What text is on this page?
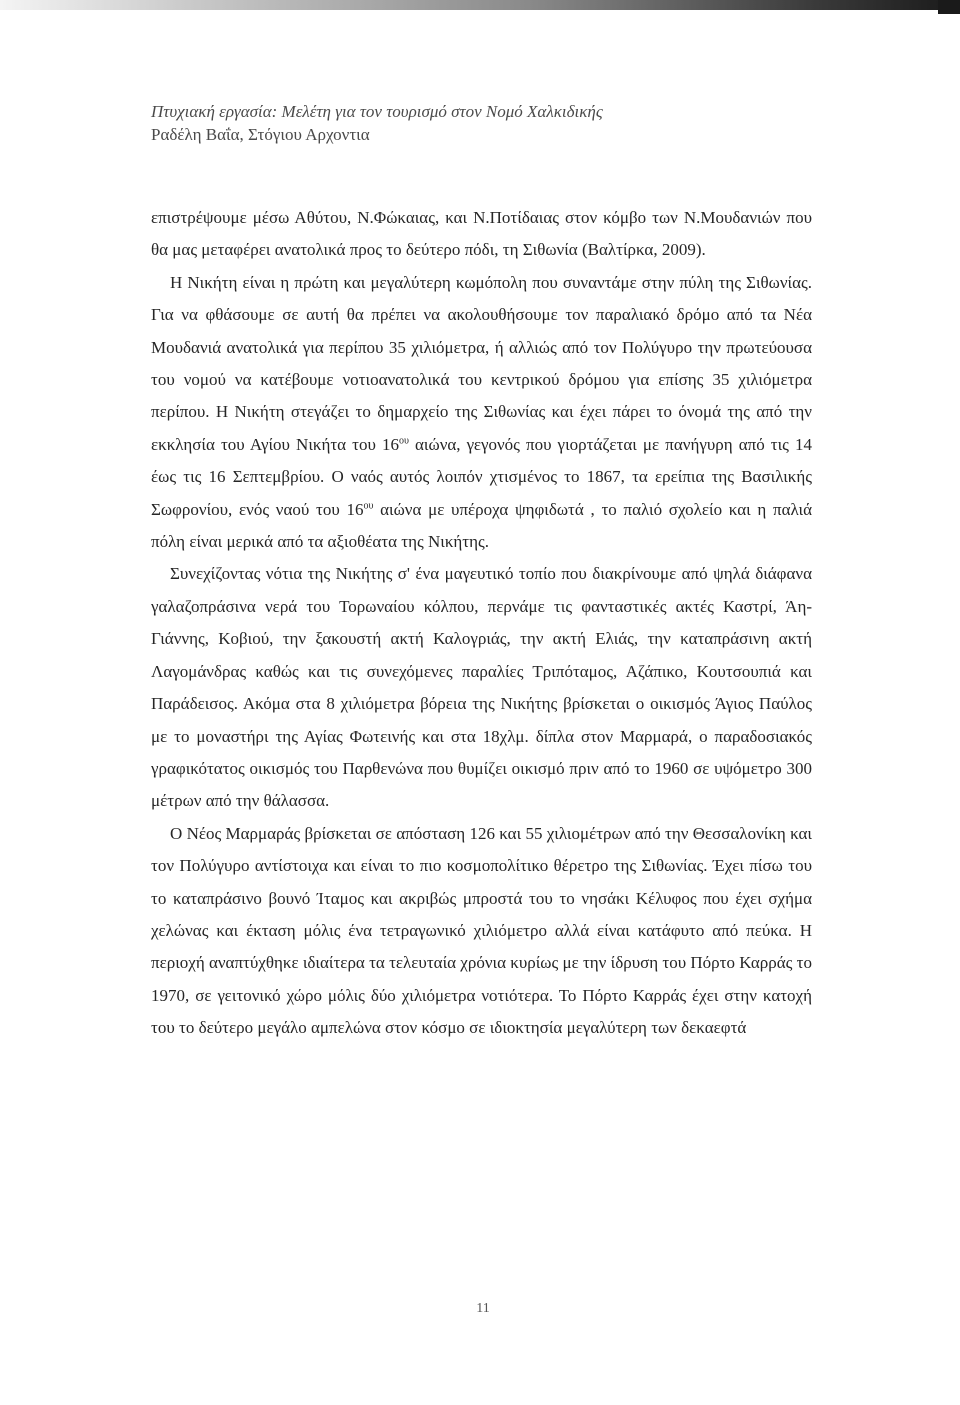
Πτυχιακή εργασία: Μελέτη για τον τουρισμό στον Νομό Χαλκιδικής
Ραδέλη Βαΐα, Στόγιου Αρχοντια

επιστρέψουμε μέσω Αθύτου, Ν.Φώκαιας, και Ν.Ποτίδαιας στον κόμβο των Ν.Μουδανιών που θα μας μεταφέρει ανατολικά προς το δεύτερο πόδι, τη Σιθωνία (Βαλτίρκα, 2009).

Η Νικήτη είναι η πρώτη και μεγαλύτερη κωμόπολη που συναντάμε στην πύλη της Σιθωνίας. Για να φθάσουμε σε αυτή θα πρέπει να ακολουθήσουμε τον παραλιακό δρόμο από τα Νέα Μουδανιά ανατολικά για περίπου 35 χιλιόμετρα, ή αλλιώς από τον Πολύγυρο την πρωτεύουσα του νομού να κατέβουμε νοτιοανατολικά του κεντρικού δρόμου για επίσης 35 χιλιόμετρα περίπου. Η Νικήτη στεγάζει το δημαρχείο της Σιθωνίας και έχει πάρει το όνομά της από την εκκλησία του Αγίου Νικήτα του $16^{o\upsilon}$ αιώνα, γεγονός που γιορτάζεται με πανήγυρη από τις 14 έως τις 16 Σεπτεμβρίου. Ο ναός αυτός λοιπόν χτισμένος το 1867, τα ερείπια της Βασιλικής Σωφρονίου, ενός ναού του $16^{o\upsilon}$ αιώνα με υπέροχα ψηφιδωτά , το παλιό σχολείο και η παλιά πόλη είναι μερικά από τα αξιοθέατα της Νικήτης.

Συνεχίζοντας νότια της Νικήτης σ' ένα μαγευτικό τοπίο που διακρίνουμε από ψηλά διάφανα γαλαζοπράσινα νερά του Τορωναίου κόλπου, περνάμε τις φανταστικές ακτές Καστρί, Άη-Γιάννης, Κοβιού, την ξακουστή ακτή Καλογριάς, την ακτή Ελιάς, την καταπράσινη ακτή Λαγομάνδρας καθώς και τις συνεχόμενες παραλίες Τριπόταμος, Αζάπικο, Κουτσουπιά και Παράδεισος. Ακόμα στα 8 χιλιόμετρα βόρεια της Νικήτης βρίσκεται ο οικισμός Άγιος Παύλος με το μοναστήρι της Αγίας Φωτεινής και στα 18χλμ. δίπλα στον Μαρμαρά, ο παραδοσιακός γραφικότατος οικισμός του Παρθενώνα που θυμίζει οικισμό πριν από το 1960 σε υψόμετρο 300 μέτρων από την θάλασσα.

Ο Νέος Μαρμαράς βρίσκεται σε απόσταση 126 και 55 χιλιομέτρων από την Θεσσαλονίκη και τον Πολύγυρο αντίστοιχα και είναι το πιο κοσμοπολίτικο θέρετρο της Σιθωνίας. Έχει πίσω του το καταπράσινο βουνό Ίταμος και ακριβώς μπροστά του το νησάκι Κέλυφος που έχει σχήμα χελώνας και έκταση μόλις ένα τετραγωνικό χιλιόμετρο αλλά είναι κατάφυτο από πεύκα. Η περιοχή αναπτύχθηκε ιδιαίτερα τα τελευταία χρόνια κυρίως με την ίδρυση του Πόρτο Καρράς το 1970, σε γειτονικό χώρο μόλις δύο χιλιόμετρα νοτιότερα. Το Πόρτο Καρράς έχει στην κατοχή του το δεύτερο μεγάλο αμπελώνα στον κόσμο σε ιδιοκτησία μεγαλύτερη των δεκαεφτά

11
